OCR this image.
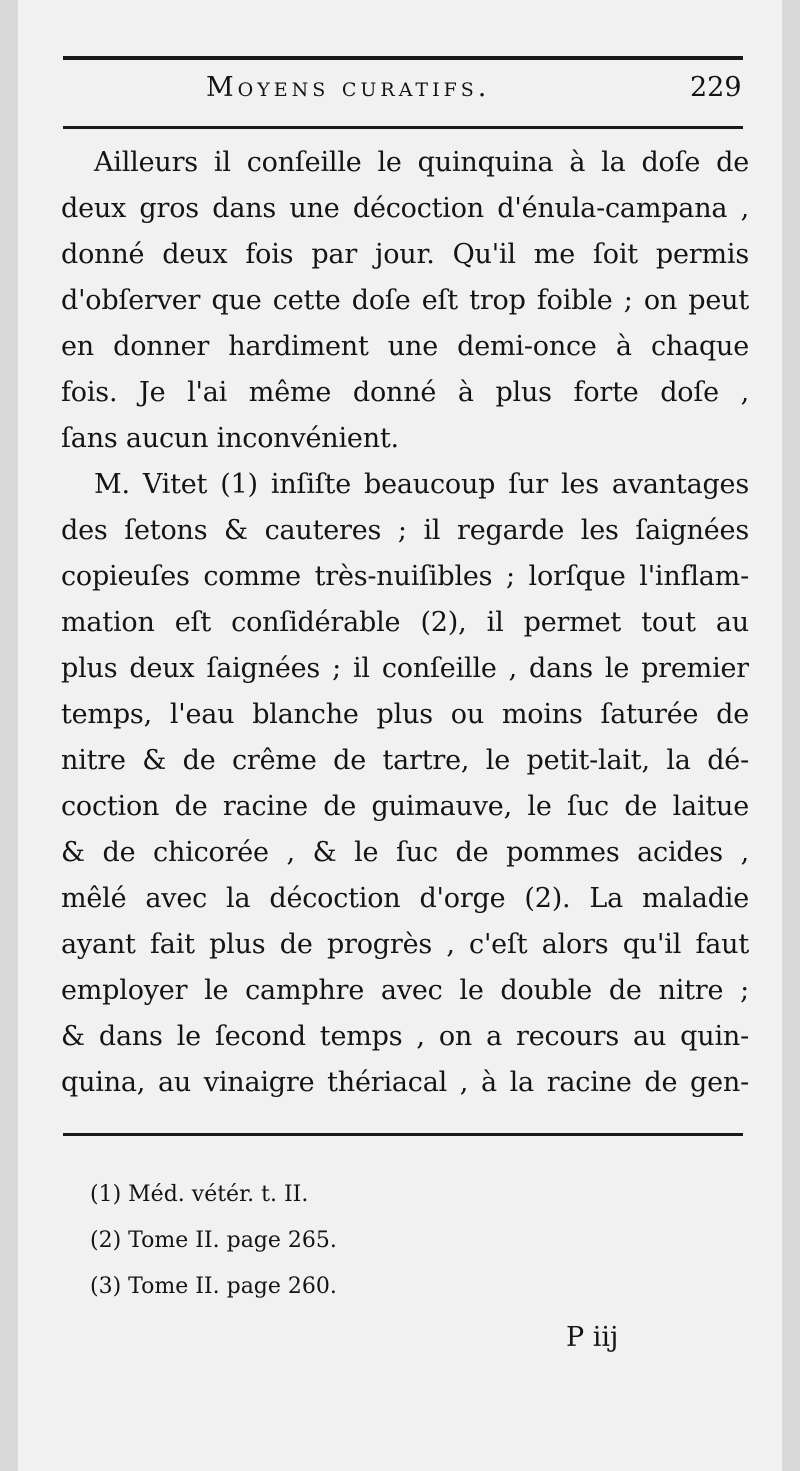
Moyens curatifs.	229
Ailleurs il conſeille le quinquina à la doſe de
deux gros dans une décoction d'énula-campana ,
donné deux fois par jour. Qu'il me ſoit permis
d'obſerver que cette doſe eſt trop foible ; on peut
en donner hardiment une demi-once à chaque
fois. Je l'ai même donné à plus forte doſe ,
ſans aucun inconvénient.
M. Vitet (1) inſiſte beaucoup ſur les avantages
des ſetons & cauteres ; il regarde les ſaignées
copieuſes comme très-nuiſibles ; lorſque l'inflam-
mation eſt conſidérable (2), il permet tout au
plus deux ſaignées ; il conſeille , dans le premier
temps, l'eau blanche plus ou moins ſaturée de
nitre & de crême de tartre, le petit-lait, la dé-
coction de racine de guimauve, le ſuc de laitue
& de chicorée , & le ſuc de pommes acides ,
mêlé avec la décoction d'orge (2). La maladie
ayant fait plus de progrès , c'eſt alors qu'il faut
employer le camphre avec le double de nitre ;
& dans le ſecond temps , on a recours au quin-
quina, au vinaigre thériacal , à la racine de gen-
(1) Méd. vétér. t. II.
(2) Tome II. page 265.
(3) Tome II. page 260.
P iij
